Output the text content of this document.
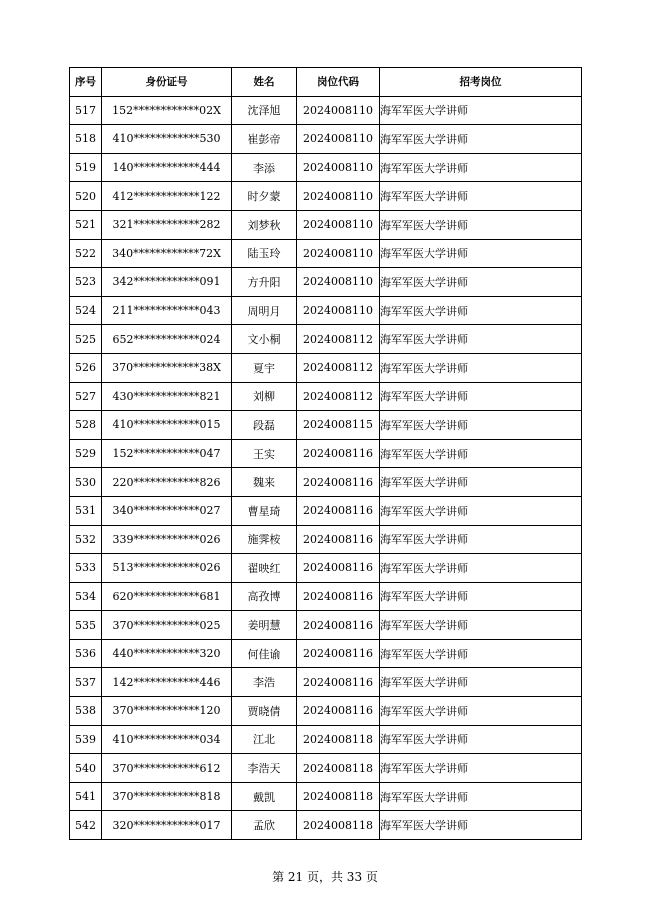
序号	身份证号	姓名	岗位代码	招考岗位
517	152************02X	沈泽旭	2024008110	海军军医大学讲师
518	410************530	崔彭帝	2024008110	海军军医大学讲师
519	140************444	李添	2024008110	海军军医大学讲师
520	412************122	时夕蒙	2024008110	海军军医大学讲师
521	321************282	刘梦秋	2024008110	海军军医大学讲师
522	340************72X	陆玉玲	2024008110	海军军医大学讲师
523	342************091	方升阳	2024008110	海军军医大学讲师
524	211************043	周明月	2024008110	海军军医大学讲师
525	652************024	文小桐	2024008112	海军军医大学讲师
526	370************38X	夏宇	2024008112	海军军医大学讲师
527	430************821	刘柳	2024008112	海军军医大学讲师
528	410************015	段磊	2024008115	海军军医大学讲师
529	152************047	王实	2024008116	海军军医大学讲师
530	220************826	魏来	2024008116	海军军医大学讲师
531	340************027	曹星琦	2024008116	海军军医大学讲师
532	339************026	施霁桉	2024008116	海军军医大学讲师
533	513************026	翟映红	2024008116	海军军医大学讲师
534	620************681	高孜博	2024008116	海军军医大学讲师
535	370************025	姜明慧	2024008116	海军军医大学讲师
536	440************320	何佳谕	2024008116	海军军医大学讲师
537	142************446	李浩	2024008116	海军军医大学讲师
538	370************120	贾晓倩	2024008116	海军军医大学讲师
539	410************034	江北	2024008118	海军军医大学讲师
540	370************612	李浩天	2024008118	海军军医大学讲师
541	370************818	戴凯	2024008118	海军军医大学讲师
542	320************017	孟欣	2024008118	海军军医大学讲师
第 21 页，共 33 页
